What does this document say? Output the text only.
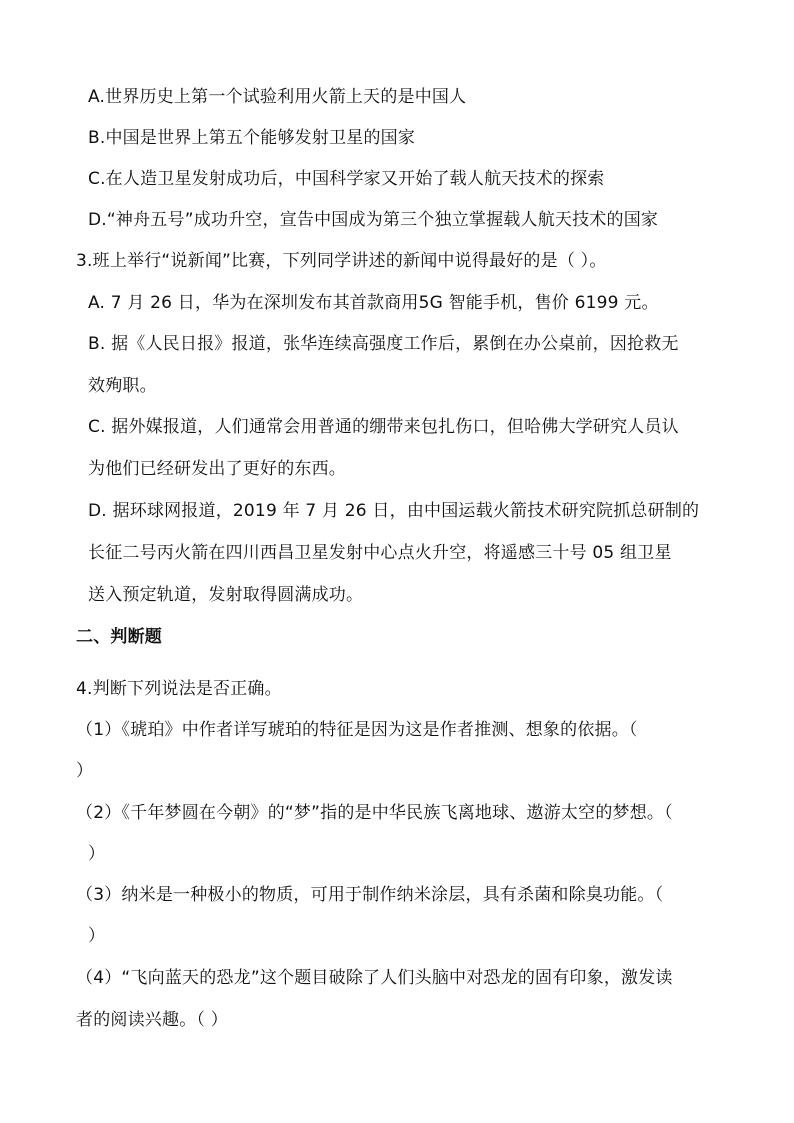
A.世界历史上第一个试验利用火箭上天的是中国人
B.中国是世界上第五个能够发射卫星的国家
C.在人造卫星发射成功后，中国科学家又开始了载人航天技术的探索
D.“神舟五号”成功升空，宣告中国成为第三个独立掌握载人航天技术的国家
3.班上举行“说新闻”比赛，下列同学讲述的新闻中说得最好的是（ ）。
A. 7 月 26 日，华为在深圳发布其首款商用5G 智能手机，售价 6199 元。
B. 据《人民日报》报道，张华连续高强度工作后，累倒在办公桌前，因抢救无
效殉职。
C. 据外媒报道，人们通常会用普通的绷带来包扎伤口，但哈佛大学研究人员认
为他们已经研发出了更好的东西。
D. 据环球网报道，2019 年 7 月 26 日，由中国运载火箭技术研究院抓总研制的
长征二号丙火箭在四川西昌卫星发射中心点火升空，将遥感三十号 05 组卫星
送入预定轨道，发射取得圆满成功。
二、判断题
4.判断下列说法是否正确。
（1）《琥珀》中作者详写琥珀的特征是因为这是作者推测、想象的依据。（
）
（2）《千年梦圆在今朝》的“梦”指的是中华民族飞离地球、遨游太空的梦想。（
）
（3）纳米是一种极小的物质，可用于制作纳米涂层，具有杀菌和除臭功能。（
）
（4）“飞向蓝天的恐龙”这个题目破除了人们头脑中对恐龙的固有印象，激发读
者的阅读兴趣。（ ）
